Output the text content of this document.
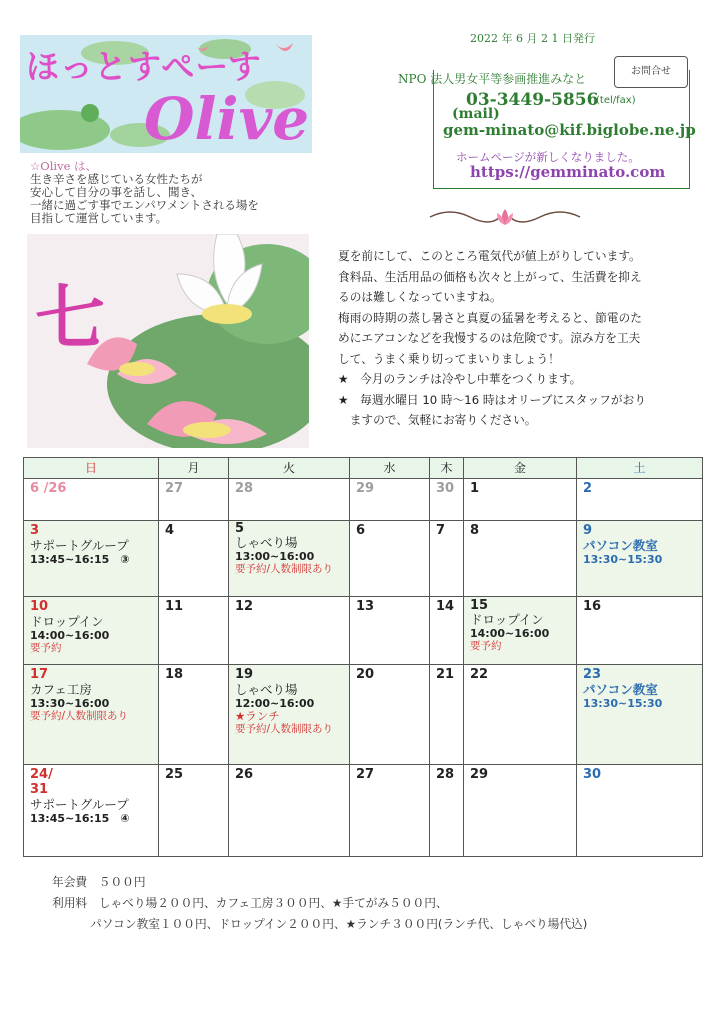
ほっとすぺーす
Olive
☆Olive は、
生き辛さを感じている女性たちが
安心して自分の事を話し、聞き、
一緒に過ごす事でエンパワメントされる場を
目指して運営しています。
2022 年 6 月 2 1 日発行
NPO 法人男女平等参画推進みなと
お問合せ
03-3449-5856
(tel/fax)
(mail)
gem-minato@kif.biglobe.ne.jp
ホームページが新しくなりました。
https://gemminato.com
七

夏を前にして、このところ電気代が値上がりしています。

食料品、生活用品の価格も次々と上がって、生活費を抑え

るのは難しくなっていますね。

梅雨の時期の蒸し暑さと真夏の猛暑を考えると、節電のた

めにエアコンなどを我慢するのは危険です。涼み方を工夫

して、うまく乗り切ってまいりましょう！

★　今月のランチは冷やし中華をつくります。

★　毎週水曜日 10 時～16 時はオリーブにスタッフがおり

　ますので、気軽にお寄りください。

日	月	火	水	木	金	土

6 /26	27	28	29	30	1	2

3
サポートグループ
13:45~16:15　③	4	5
しゃべり場
13:00~16:00
要予約/人数制限あり	6	7	8	9
パソコン教室
13:30~15:30

10
ドロップイン
14:00~16:00
要予約	11	12	13	14	15
ドロップイン
14:00~16:00
要予約	16

17
カフェ工房
13:30~16:00
要予約/人数制限あり	18	19
しゃべり場
12:00~16:00
★ランチ
要予約/人数制限あり	20	21	22	23
パソコン教室
13:30~15:30

24/
31
サポートグループ
13:45~16:15　④	25	26	27	28	29	30
年会費　５００円
利用料　しゃべり場２００円、カフェ工房３００円、★手てがみ５００円、
パソコン教室１００円、ドロップイン２００円、★ランチ３００円(ランチ代、しゃべり場代込)
